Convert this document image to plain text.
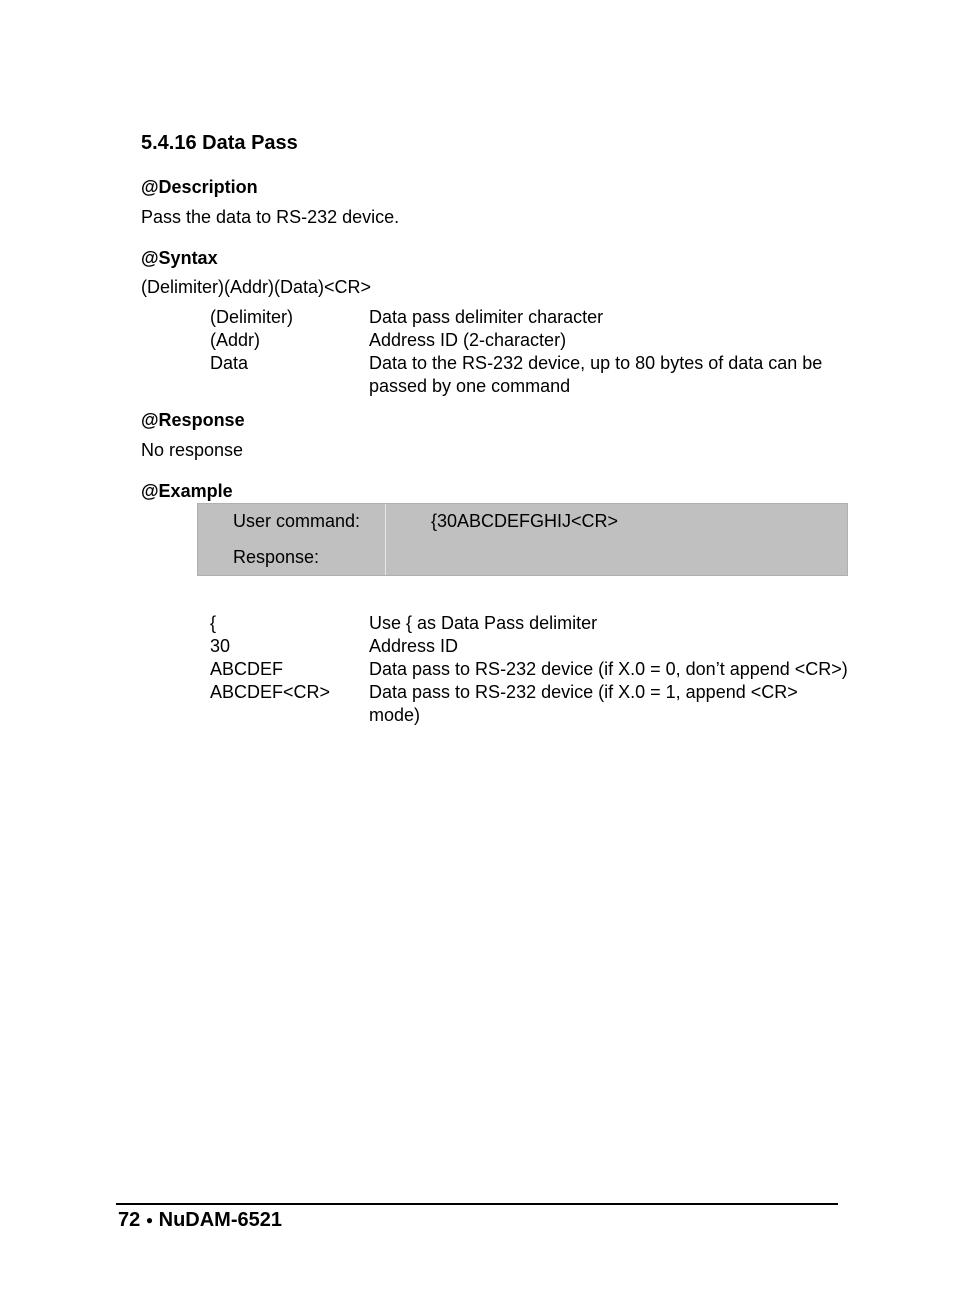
5.4.16 Data Pass
@Description
Pass the data to RS-232 device.
@Syntax
(Delimiter)(Addr)(Data)<CR>
(Delimiter)	Data pass delimiter character
(Addr)	Address ID (2-character)
Data	Data to the RS-232 device, up to 80 bytes of data can be passed by one command
@Response
No response
@Example
User command:	{30ABCDEFGHIJ<CR>
Response:
{	Use { as Data Pass delimiter
30	Address ID
ABCDEF	Data pass to RS-232 device (if X.0 = 0, don’t append <CR>)
ABCDEF<CR>	Data pass to RS-232 device (if X.0 = 1, append <CR> mode)
72 ● NuDAM-6521
